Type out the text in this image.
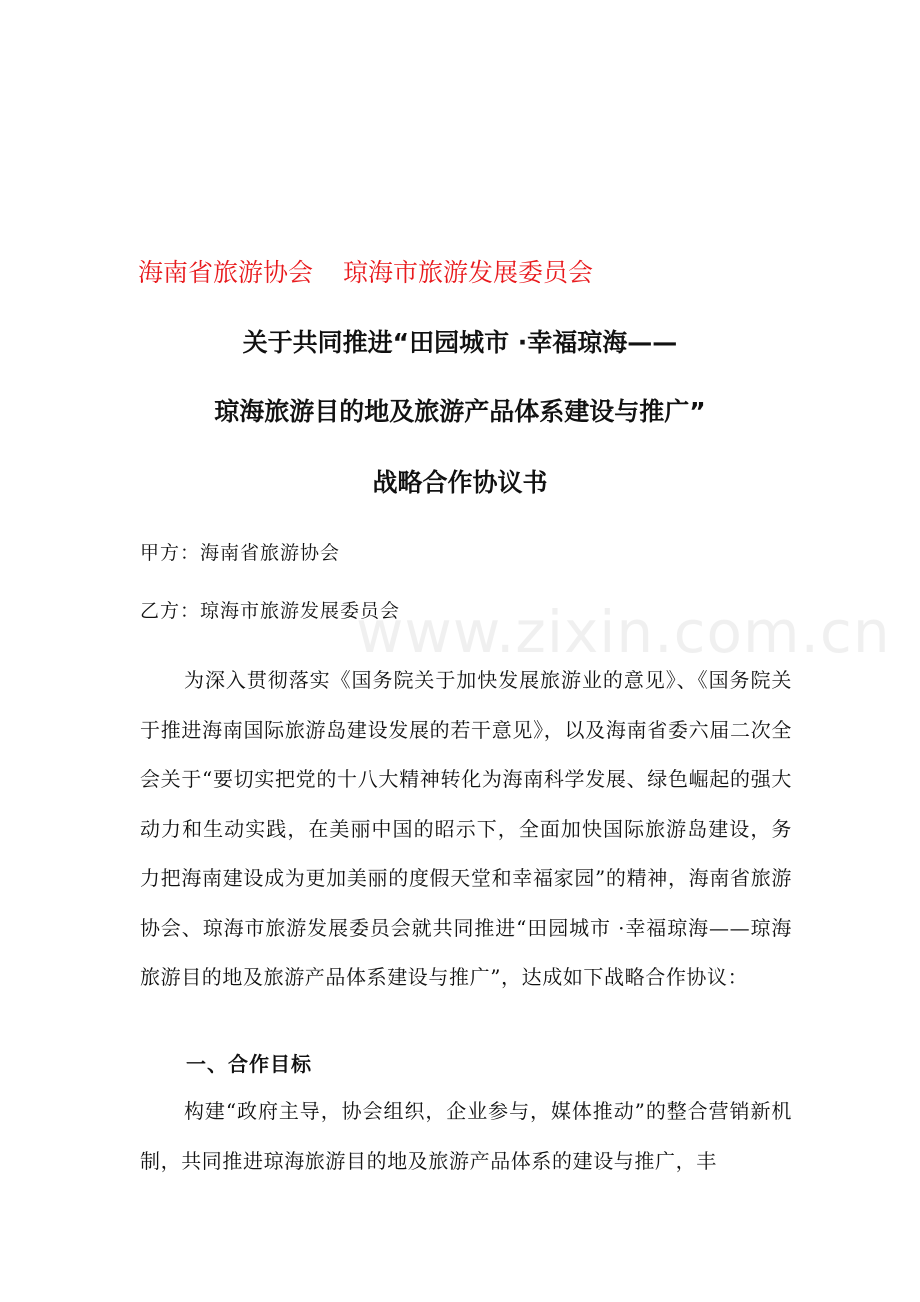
海南省旅游协会 琼海市旅游发展委员会
关于共同推进“田园城市 ·幸福琼海——
琼海旅游目的地及旅游产品体系建设与推广”
战略合作协议书
甲方：海南省旅游协会
乙方：琼海市旅游发展委员会
为深入贯彻落实《国务院关于加快发展旅游业的意见》、《国务院关于推进海南国际旅游岛建设发展的若干意见》，以及海南省委六届二次全会关于“要切实把党的十八大精神转化为海南科学发展、绿色崛起的强大动力和生动实践，在美丽中国的昭示下，全面加快国际旅游岛建设，务力把海南建设成为更加美丽的度假天堂和幸福家园”的精神，海南省旅游协会、琼海市旅游发展委员会就共同推进“田园城市 ·幸福琼海——琼海旅游目的地及旅游产品体系建设与推广”，达成如下战略合作协议：
一、合作目标
构建“政府主导，协会组织，企业参与，媒体推动”的整合营销新机制，共同推进琼海旅游目的地及旅游产品体系的建设与推广，丰
www.zixin.com.cn
